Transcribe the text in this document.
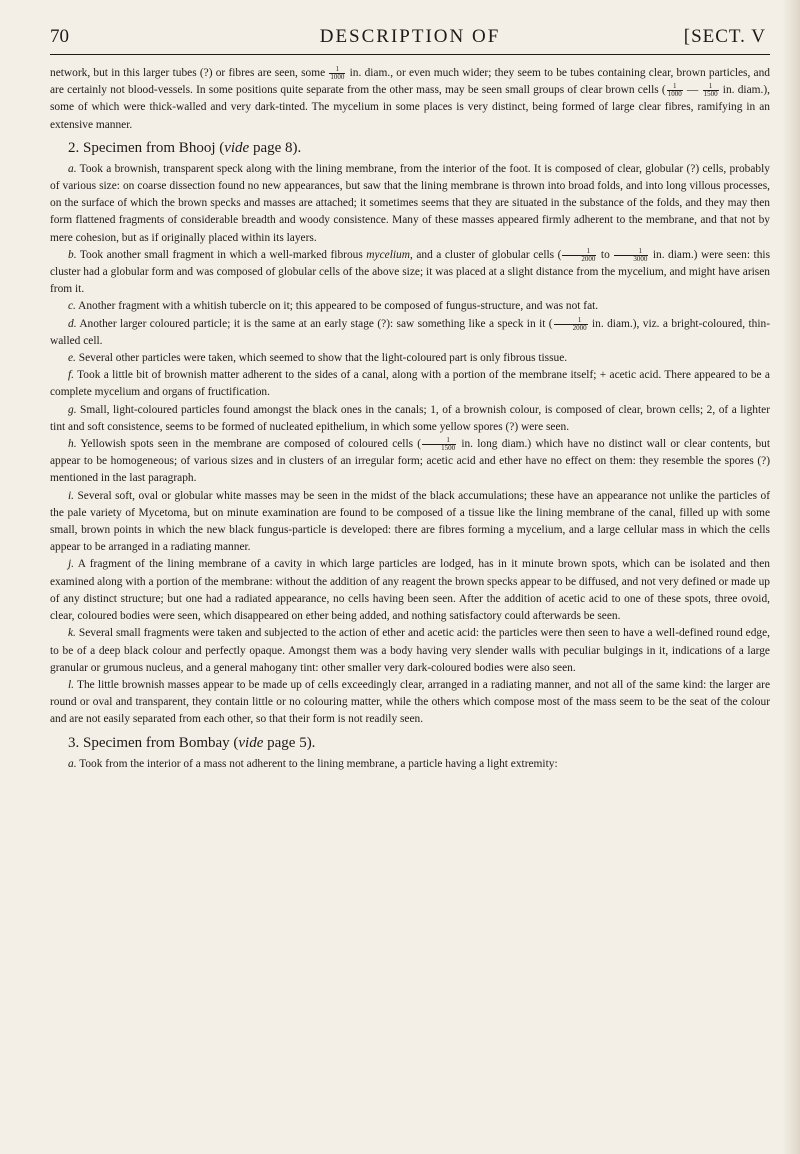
70	DESCRIPTION OF	[SECT. V

network, but in this larger tubes (?) or fibres are seen, some $\frac{1}{1000}$ in. diam., or even much wider; they seem to be tubes containing clear, brown particles, and are certainly not blood-vessels. In some positions quite separate from the other mass, may be seen small groups of clear brown cells ( $\frac{1}{1000}$ — $\frac{1}{1500}$ in. diam.), some of which were thick-walled and very dark-tinted. The mycelium in some places is very distinct, being formed of large clear fibres, ramifying in an extensive manner.

2. Specimen from Bhooj (vide page 8).

a. Took a brownish, transparent speck along with the lining membrane, from the interior of the foot. It is composed of clear, globular (?) cells, probably of various size: on coarse dissection found no new appearances, but saw that the lining membrane is thrown into broad folds, and into long villous processes, on the surface of which the brown specks and masses are attached; it sometimes seems that they are situated in the substance of the folds, and they may then form flattened fragments of considerable breadth and woody consistence. Many of these masses appeared firmly adherent to the membrane, and that not by mere cohesion, but as if originally placed within its layers.

b. Took another small fragment in which a well-marked fibrous mycelium, and a cluster of globular cells ( $\frac{1}{2000}$ to $\frac{1}{3000}$ in. diam.) were seen: this cluster had a globular form and was composed of globular cells of the above size; it was placed at a slight distance from the mycelium, and might have arisen from it.

c. Another fragment with a whitish tubercle on it; this appeared to be composed of fungus-structure, and was not fat.

d. Another larger coloured particle; it is the same at an early stage (?): saw something like a speck in it ( $\frac{1}{2000}$ in. diam.), viz. a bright-coloured, thin-walled cell.

e. Several other particles were taken, which seemed to show that the light-coloured part is only fibrous tissue.

f. Took a little bit of brownish matter adherent to the sides of a canal, along with a portion of the membrane itself; + acetic acid. There appeared to be a complete mycelium and organs of fructification.

g. Small, light-coloured particles found amongst the black ones in the canals; 1, of a brownish colour, is composed of clear, brown cells; 2, of a lighter tint and soft consistence, seems to be formed of nucleated epithelium, in which some yellow spores (?) were seen.

h. Yellowish spots seen in the membrane are composed of coloured cells ( $\frac{1}{1500}$ in. long diam.) which have no distinct wall or clear contents, but appear to be homogeneous; of various sizes and in clusters of an irregular form; acetic acid and ether have no effect on them: they resemble the spores (?) mentioned in the last paragraph.

i. Several soft, oval or globular white masses may be seen in the midst of the black accumulations; these have an appearance not unlike the particles of the pale variety of Mycetoma, but on minute examination are found to be composed of a tissue like the lining membrane of the canal, filled up with some small, brown points in which the new black fungus-particle is developed: there are fibres forming a mycelium, and a large cellular mass in which the cells appear to be arranged in a radiating manner.

j. A fragment of the lining membrane of a cavity in which large particles are lodged, has in it minute brown spots, which can be isolated and then examined along with a portion of the membrane: without the addition of any reagent the brown specks appear to be diffused, and not very defined or made up of any distinct structure; but one had a radiated appearance, no cells having been seen. After the addition of acetic acid to one of these spots, three ovoid, clear, coloured bodies were seen, which disappeared on ether being added, and nothing satisfactory could afterwards be seen.

k. Several small fragments were taken and subjected to the action of ether and acetic acid: the particles were then seen to have a well-defined round edge, to be of a deep black colour and perfectly opaque. Amongst them was a body having very slender walls with peculiar bulgings in it, indications of a large granular or grumous nucleus, and a general mahogany tint: other smaller very dark-coloured bodies were also seen.

l. The little brownish masses appear to be made up of cells exceedingly clear, arranged in a radiating manner, and not all of the same kind: the larger are round or oval and transparent, they contain little or no colouring matter, while the others which compose most of the mass seem to be the seat of the colour and are not easily separated from each other, so that their form is not readily seen.

3. Specimen from Bombay (vide page 5).

a. Took from the interior of a mass not adherent to the lining membrane, a particle having a light extremity:
